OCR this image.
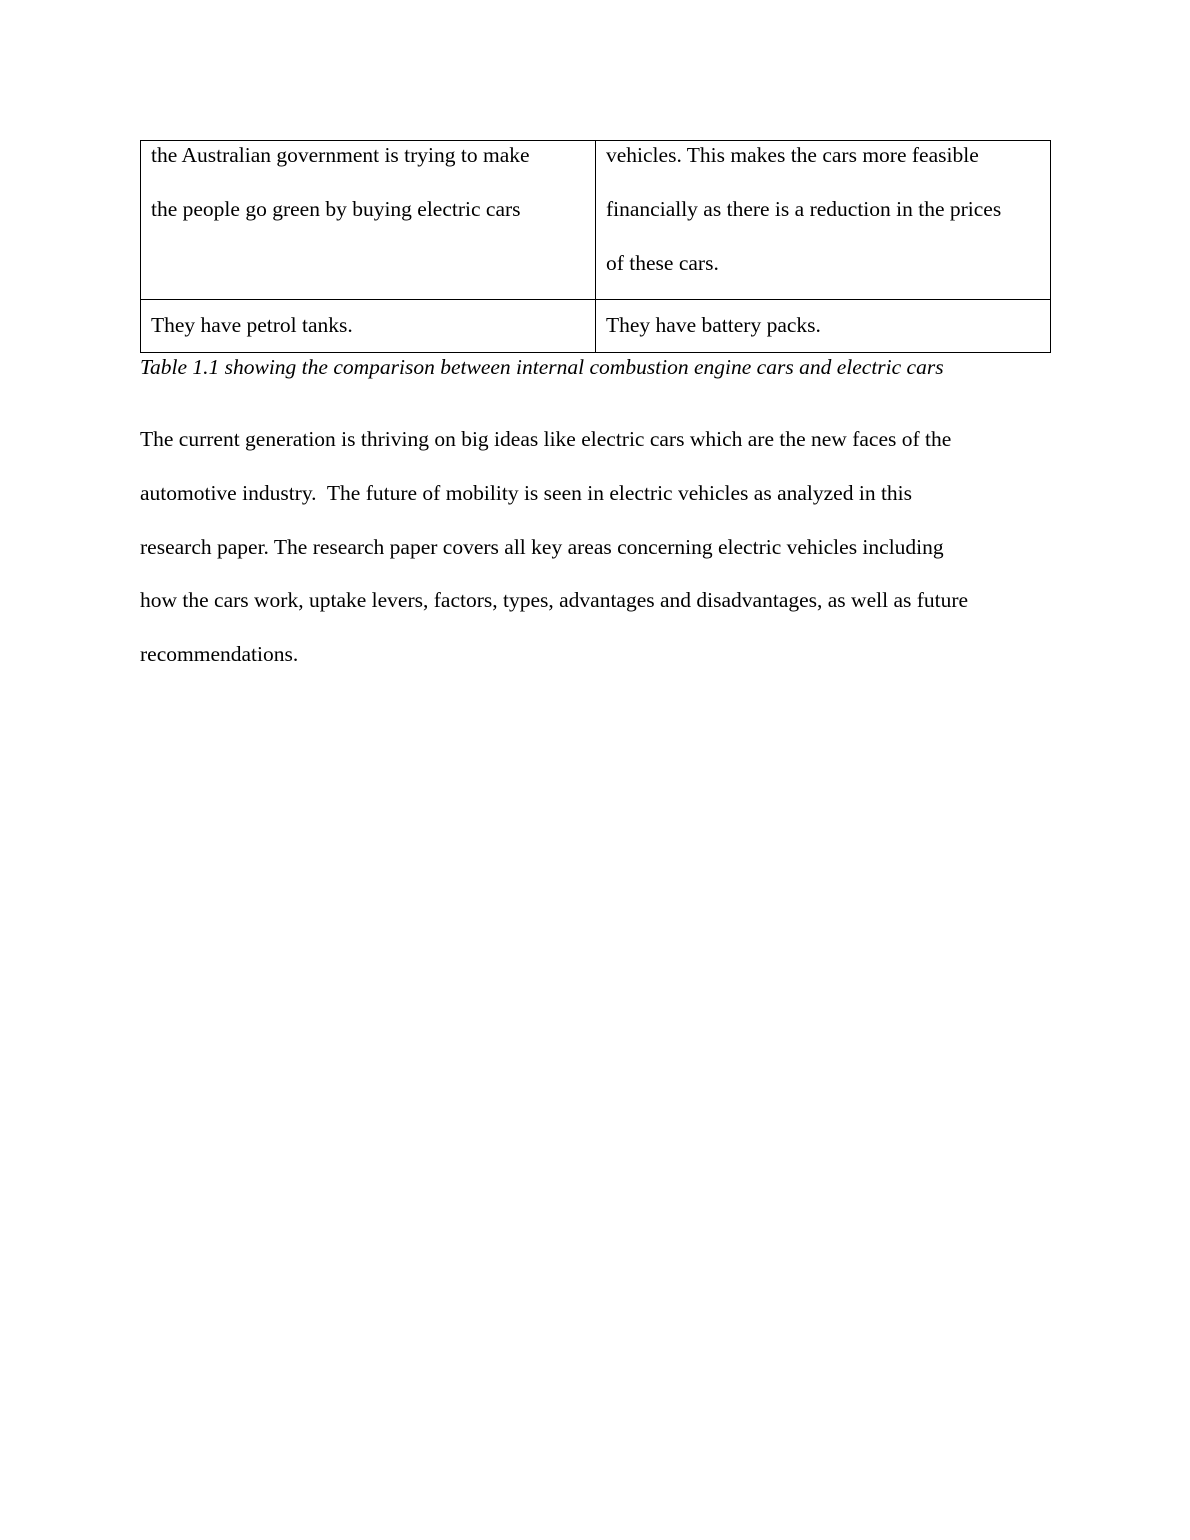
the Australian government is trying to make
the people go green by buying electric cars	vehicles. This makes the cars more feasible
financially as there is a reduction in the prices
of these cars.

They have petrol tanks.	They have battery packs.
Table 1.1 showing the comparison between internal combustion engine cars and electric cars

The current generation is thriving on big ideas like electric cars which are the new faces of the
automotive industry.  The future of mobility is seen in electric vehicles as analyzed in this
research paper. The research paper covers all key areas concerning electric vehicles including
how the cars work, uptake levers, factors, types, advantages and disadvantages, as well as future
recommendations.
